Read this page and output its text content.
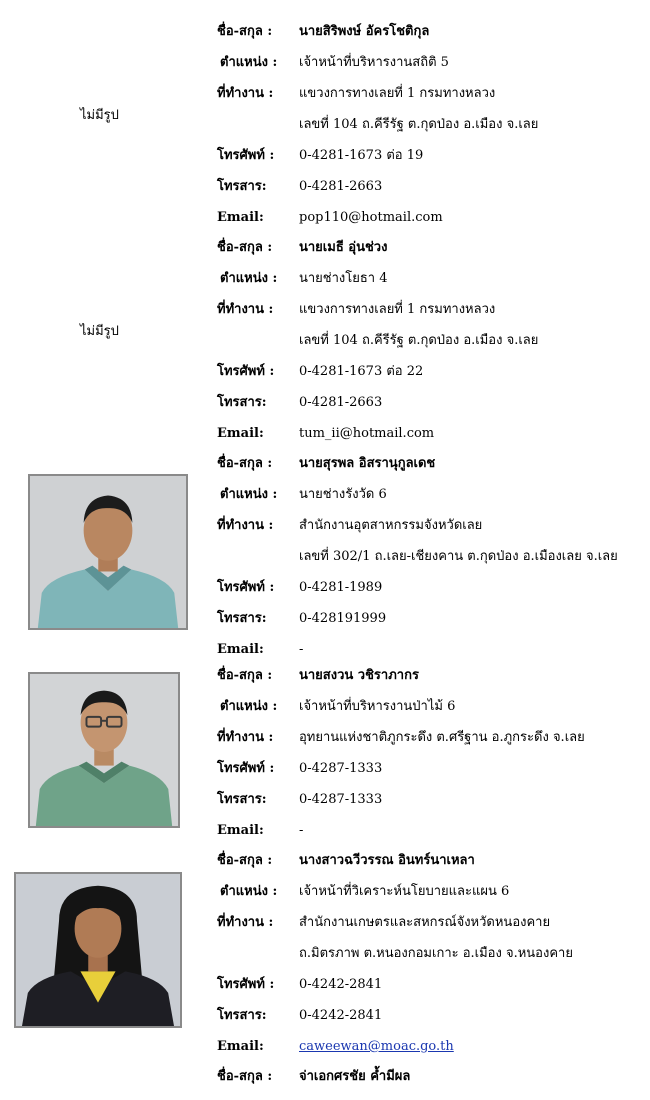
ไม่มีรูป
ชื่อ-สกุล : นายสิริพงษ์ อัครโชติกุล
ตำแหน่ง : เจ้าหน้าที่บริหารงานสถิติ 5
ที่ทำงาน : แขวงการทางเลยที่ 1 กรมทางหลวง
เลขที่ 104 ถ.คีรีรัฐ ต.กุดป่อง อ.เมือง จ.เลย
โทรศัพท์ : 0-4281-1673 ต่อ 19
โทรสาร: 0-4281-2663
Email:	pop110@hotmail.com
ไม่มีรูป
ชื่อ-สกุล : นายเมธี อุ่นช่วง
ตำแหน่ง : นายช่างโยธา 4
ที่ทำงาน : แขวงการทางเลยที่ 1 กรมทางหลวง
เลขที่ 104 ถ.คีรีรัฐ ต.กุดป่อง อ.เมือง จ.เลย
โทรศัพท์ : 0-4281-1673 ต่อ 22
โทรสาร: 0-4281-2663
Email:	tum_ii@hotmail.com
ชื่อ-สกุล : นายสุรพล อิสรานุกูลเดช
ตำแหน่ง : นายช่างรังวัด 6
ที่ทำงาน : สำนักงานอุตสาหกรรมจังหวัดเลย
เลขที่ 302/1 ถ.เลย-เชียงคาน ต.กุดป่อง อ.เมืองเลย จ.เลย
โทรศัพท์ : 0-4281-1989
โทรสาร: 0-428191999
Email:	-
ชื่อ-สกุล : นายสงวน วชิราภากร
ตำแหน่ง : เจ้าหน้าที่บริหารงานป่าไม้ 6
ที่ทำงาน : อุทยานแห่งชาติภูกระดึง ต.ศรีฐาน อ.ภูกระดึง จ.เลย
โทรศัพท์ : 0-4287-1333
โทรสาร: 0-4287-1333
Email:	-
ชื่อ-สกุล : นางสาวฉวีวรรณ อินทร์นาเหลา
ตำแหน่ง : เจ้าหน้าที่วิเคราะห์นโยบายและแผน 6
ที่ทำงาน : สำนักงานเกษตรและสหกรณ์จังหวัดหนองคาย
ถ.มิตรภาพ ต.หนองกอมเกาะ อ.เมือง จ.หนองคาย
โทรศัพท์ : 0-4242-2841
โทรสาร: 0-4242-2841
Email:	caweewan@moac.go.th
ชื่อ-สกุล : จ่าเอกศรชัย ค้ำมีผล
